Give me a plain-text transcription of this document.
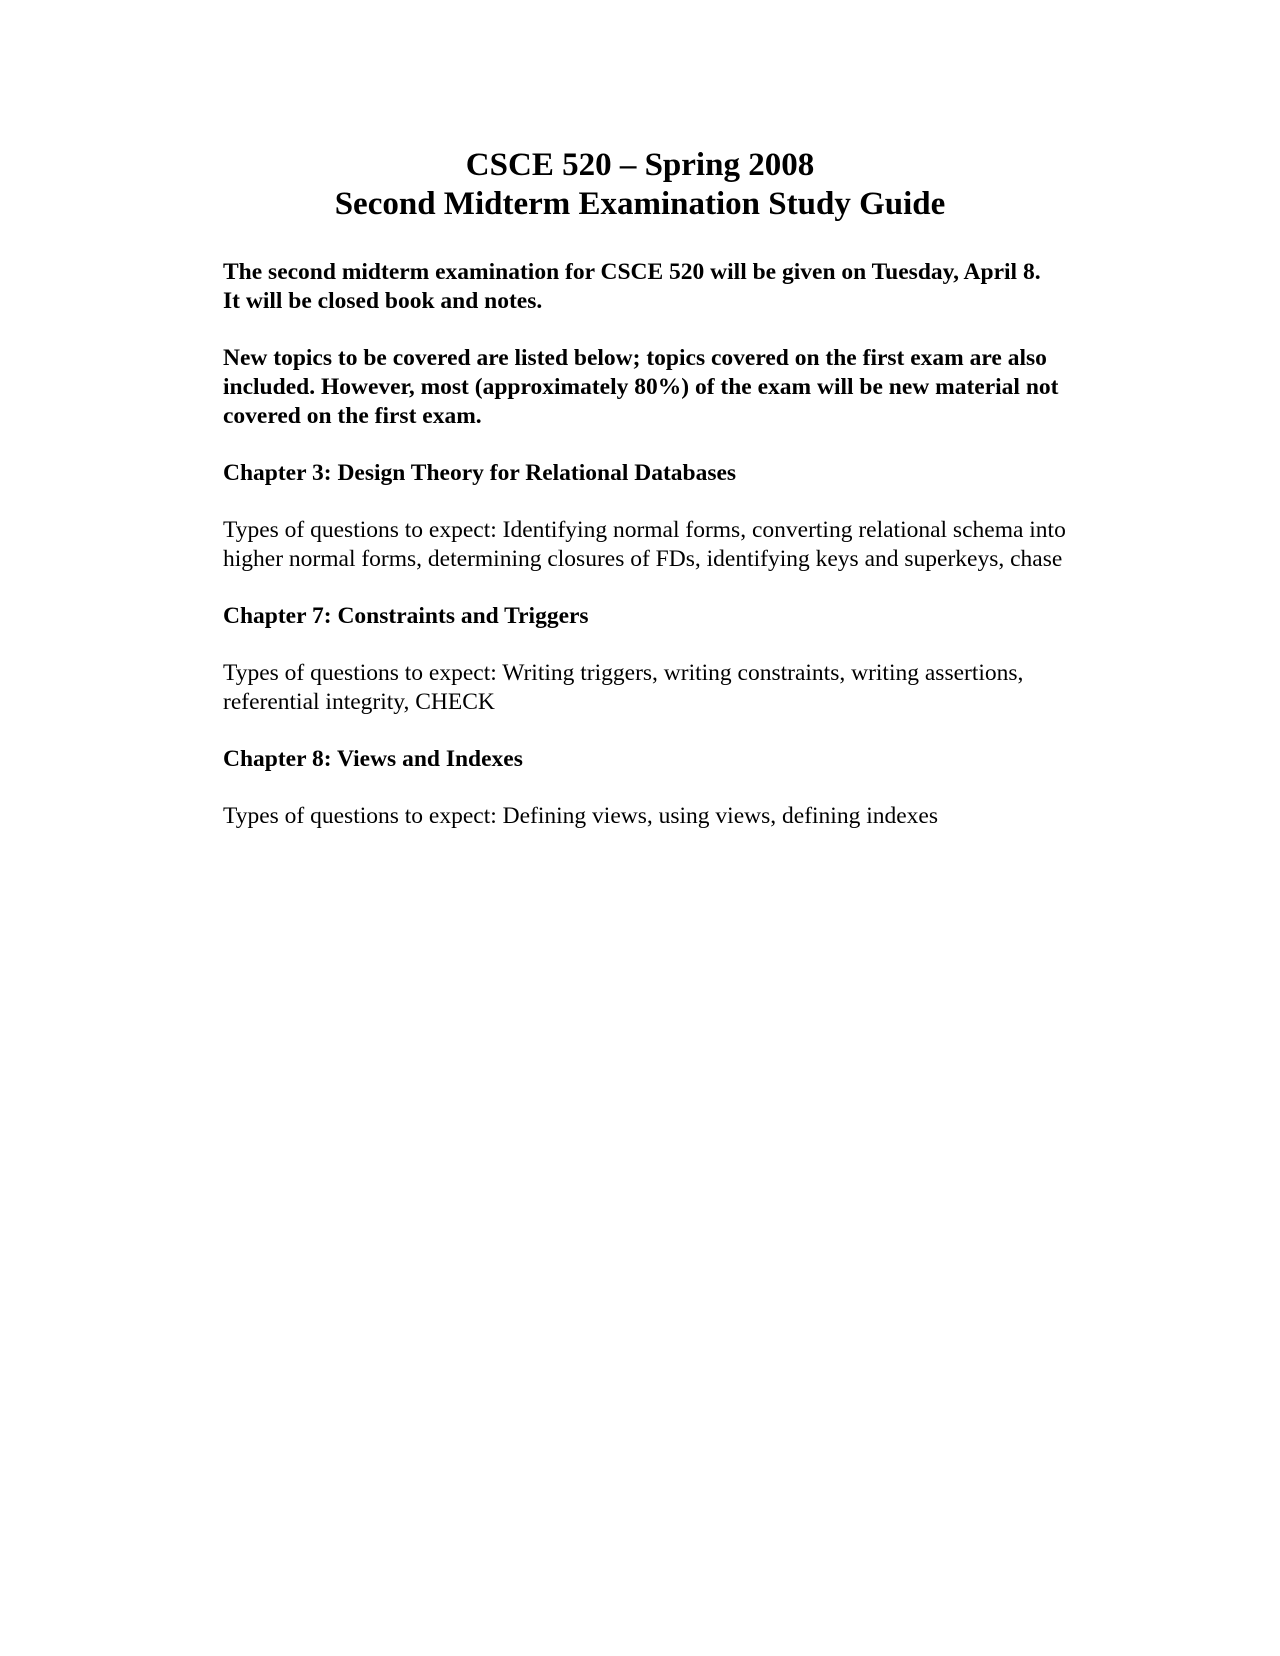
CSCE 520 – Spring 2008

Second Midterm Examination Study Guide

The second midterm examination for CSCE 520 will be given on Tuesday, April 8.
It will be closed book and notes.

New topics to be covered are listed below; topics covered on the first exam are also
included. However, most (approximately 80%) of the exam will be new material not
covered on the first exam.

Chapter 3: Design Theory for Relational Databases

Types of questions to expect: Identifying normal forms, converting relational schema into
higher normal forms, determining closures of FDs, identifying keys and superkeys, chase

Chapter 7: Constraints and Triggers

Types of questions to expect: Writing triggers, writing constraints, writing assertions,
referential integrity, CHECK

Chapter 8: Views and Indexes

Types of questions to expect: Defining views, using views, defining indexes
